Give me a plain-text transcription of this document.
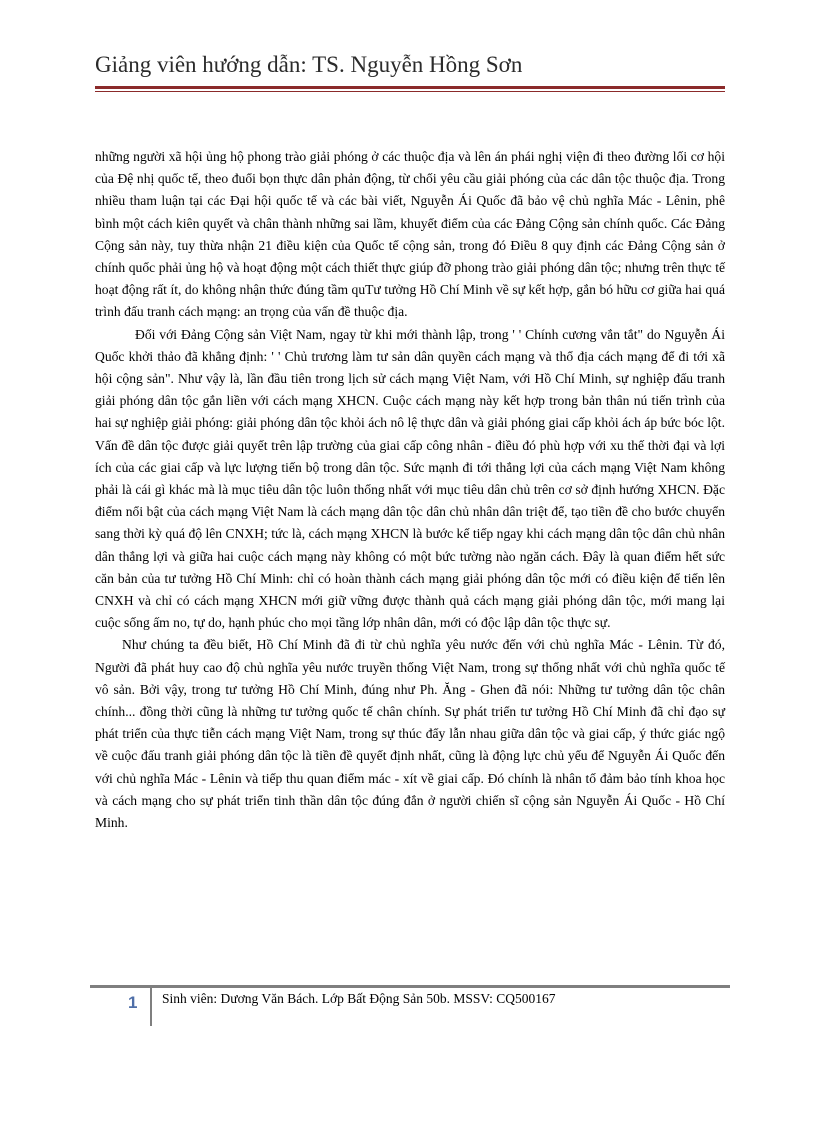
Giảng viên hướng dẫn: TS. Nguyễn Hồng Sơn

những người xã hội ủng hộ phong trào giải phóng ở các thuộc địa và lên án phái nghị viện đi theo đường lối cơ hội của Đệ nhị quốc tế, theo đuổi bọn thực dân phản động, từ chối yêu cầu giải phóng của các dân tộc thuộc địa. Trong nhiều tham luận tại các Đại hội quốc tế và các bài viết, Nguyễn Ái Quốc đã bảo vệ chủ nghĩa Mác - Lênin, phê bình một cách kiên quyết và chân thành những sai lầm, khuyết điểm của các Đảng Cộng sản chính quốc. Các Đảng Cộng sản này, tuy thừa nhận 21 điều kiện của Quốc tế cộng sản, trong đó Điều 8 quy định các Đảng Cộng sản ở chính quốc phải ủng hộ và hoạt động một cách thiết thực giúp đỡ phong trào giải phóng dân tộc; nhưng trên thực tế hoạt động rất ít, do không nhận thức đúng tầm quTư tưởng Hồ Chí Minh về sự kết hợp, gắn bó hữu cơ giữa hai quá trình đấu tranh cách mạng: an trọng của vấn đề thuộc địa.

Đối với Đảng Cộng sản Việt Nam, ngay từ khi mới thành lập, trong ' ' Chính cương vắn tắt" do Nguyễn Ái Quốc khởi thảo đã khẳng định: ' ' Chủ trương làm tư sản dân quyền cách mạng và thổ địa cách mạng để đi tới xã hội cộng sản". Như vậy là, lần đầu tiên trong lịch sử cách mạng Việt Nam, với Hồ Chí Minh, sự nghiệp đấu tranh giải phóng dân tộc gắn liền với cách mạng XHCN. Cuộc cách mạng này kết hợp trong bản thân nú tiến trình của hai sự nghiệp giải phóng: giải phóng dân tộc khỏi ách nô lệ thực dân và giải phóng giai cấp khỏi ách áp bức bóc lột. Vấn đề dân tộc được giải quyết trên lập trường của giai cấp công nhân - điều đó phù hợp với xu thế thời đại và lợi ích của các giai cấp và lực lượng tiến bộ trong dân tộc. Sức mạnh đi tới thắng lợi của cách mạng Việt Nam không phải là cái gì khác mà là mục tiêu dân tộc luôn thống nhất với mục tiêu dân chủ trên cơ sở định hướng XHCN. Đặc điểm nổi bật của cách mạng Việt Nam là cách mạng dân tộc dân chủ nhân dân triệt để, tạo tiền đề cho bước chuyển sang thời kỳ quá độ lên CNXH; tức là, cách mạng XHCN là bước kế tiếp ngay khi cách mạng dân tộc dân chủ nhân dân thắng lợi và giữa hai cuộc cách mạng này không có một bức tường nào ngăn cách. Đây là quan điểm hết sức căn bản của tư tưởng Hồ Chí Minh: chỉ có hoàn thành cách mạng giải phóng dân tộc mới có điều kiện để tiến lên CNXH và chỉ có cách mạng XHCN mới giữ vững được thành quả cách mạng giải phóng dân tộc, mới mang lại cuộc sống ấm no, tự do, hạnh phúc cho mọi tầng lớp nhân dân, mới có độc lập dân tộc thực sự.

Như chúng ta đều biết, Hồ Chí Minh đã đi từ chủ nghĩa yêu nước đến với chủ nghĩa Mác - Lênin. Từ đó, Người đã phát huy cao độ chủ nghĩa yêu nước truyền thống Việt Nam, trong sự thống nhất với chủ nghĩa quốc tế vô sản. Bởi vậy, trong tư tưởng Hồ Chí Minh, đúng như Ph. Ăng - Ghen đã nói: Những tư tưởng dân tộc chân chính... đồng thời cũng là những tư tưởng quốc tế chân chính. Sự phát triển tư tưởng Hồ Chí Minh đã chỉ đạo sự phát triển của thực tiễn cách mạng Việt Nam, trong sự thúc đẩy lẫn nhau giữa dân tộc và giai cấp, ý thức giác ngộ về cuộc đấu tranh giải phóng dân tộc là tiền đề quyết định nhất, cũng là động lực chủ yếu để Nguyễn Ái Quốc đến với chủ nghĩa Mác - Lênin và tiếp thu quan điểm mác - xít về giai cấp. Đó chính là nhân tố đảm bảo tính khoa học và cách mạng cho sự phát triển tinh thần dân tộc đúng đắn ở người chiến sĩ cộng sản Nguyễn Ái Quốc - Hồ Chí Minh.

1 Sinh viên: Dương Văn Bách. Lớp Bất Động Sản 50b. MSSV: CQ500167
